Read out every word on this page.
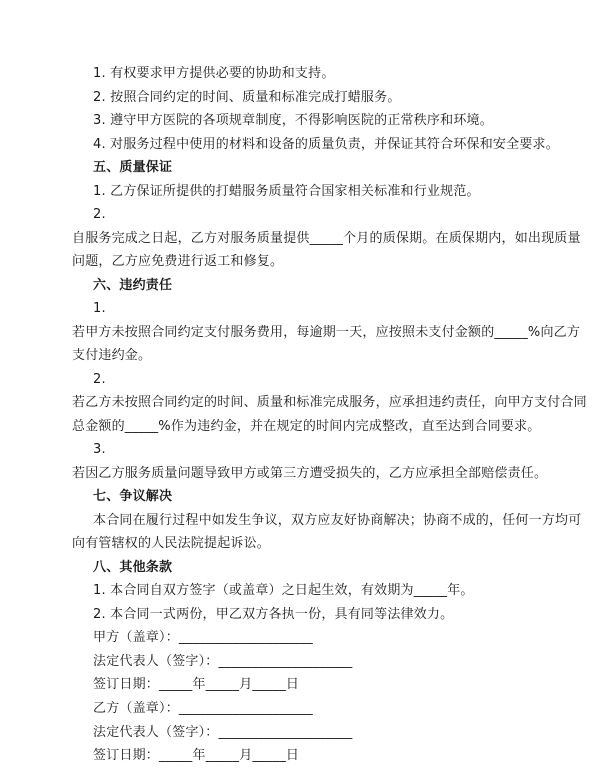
1. 有权要求甲方提供必要的协助和支持。
2. 按照合同约定的时间、质量和标准完成打蜡服务。
3. 遵守甲方医院的各项规章制度，不得影响医院的正常秩序和环境。
4. 对服务过程中使用的材料和设备的质量负责，并保证其符合环保和安全要求。
五、质量保证
1. 乙方保证所提供的打蜡服务质量符合国家相关标准和行业规范。
2.
自服务完成之日起，乙方对服务质量提供_____个月的质保期。在质保期内，如出现质量
问题，乙方应免费进行返工和修复。
六、违约责任
1.
若甲方未按照合同约定支付服务费用，每逾期一天，应按照未支付金额的_____%向乙方
支付违约金。
2.
若乙方未按照合同约定的时间、质量和标准完成服务，应承担违约责任，向甲方支付合同
总金额的_____%作为违约金，并在规定的时间内完成整改，直至达到合同要求。
3.
若因乙方服务质量问题导致甲方或第三方遭受损失的，乙方应承担全部赔偿责任。
七、争议解决
本合同在履行过程中如发生争议，双方应友好协商解决；协商不成的，任何一方均可
向有管辖权的人民法院提起诉讼。
八、其他条款
1. 本合同自双方签字（或盖章）之日起生效，有效期为_____年。
2. 本合同一式两份，甲乙双方各执一份，具有同等法律效力。
甲方（盖章）：____________________
法定代表人（签字）：____________________
签订日期：_____年_____月_____日
乙方（盖章）：____________________
法定代表人（签字）：____________________
签订日期：_____年_____月_____日
